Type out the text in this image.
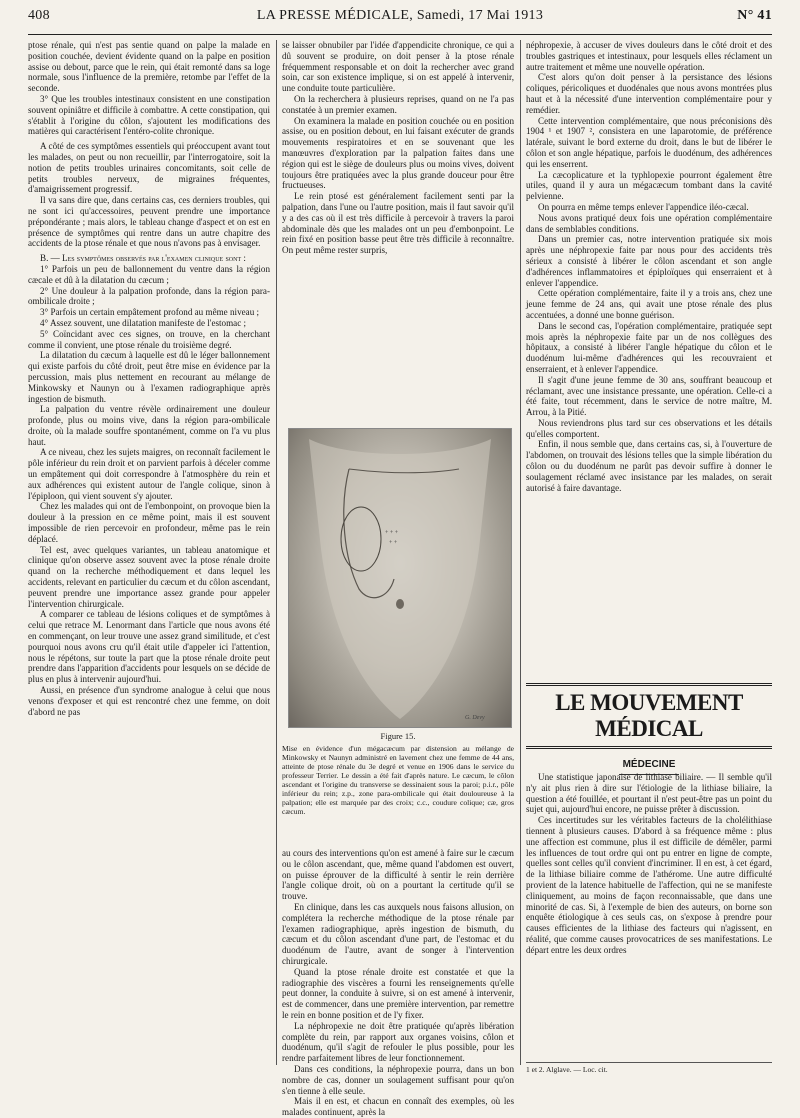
408	LA PRESSE MÉDICALE, Samedi, 17 Mai 1913	N° 41

ptose rénale, qui n'est pas sentie quand on palpe la malade en position couchée, devient évidente quand on la palpe en position assise ou debout, parce que le rein, qui était remonté dans sa loge normale, sous l'influence de la première, retombe par l'effet de la seconde.

3° Que les troubles intestinaux consistent en une constipation souvent opiniâtre et difficile à combattre. A cette constipation, qui s'établit à l'origine du côlon, s'ajoutent les modifications des matières qui caractérisent l'entéro-colite chronique.

A côté de ces symptômes essentiels qui préoccupent avant tout les malades, on peut ou non recueillir, par l'interrogatoire, soit la notion de petits troubles urinaires concomitants, soit celle de petits troubles nerveux, de migraines fréquentes, d'amaigrissement progressif.

Il va sans dire que, dans certains cas, ces derniers troubles, qui ne sont ici qu'accessoires, peuvent prendre une importance prépondérante ; mais alors, le tableau change d'aspect et on est en présence de symptômes qui rentre dans un autre chapitre des accidents de la ptose rénale et que nous n'avons pas à envisager.

B. — Les symptômes observés par l'examen clinique sont :

1° Parfois un peu de ballonnement du ventre dans la région cæcale et dû à la dilatation du cæcum ;

2° Une douleur à la palpation profonde, dans la région para-ombilicale droite ;

3° Parfois un certain empâtement profond au même niveau ;

4° Assez souvent, une dilatation manifeste de l'estomac ;

5° Coïncidant avec ces signes, on trouve, en la cherchant comme il convient, une ptose rénale du troisième degré.

La dilatation du cæcum à laquelle est dû le léger ballonnement qui existe parfois du côté droit, peut être mise en évidence par la percussion, mais plus nettement en recourant au mélange de Minkowsky et Naunyn ou à l'examen radiographique après ingestion de bismuth.

La palpation du ventre révèle ordinairement une douleur profonde, plus ou moins vive, dans la région para-ombilicale droite, où la malade souffre spontanément, comme on l'a vu plus haut.

A ce niveau, chez les sujets maigres, on reconnaît facilement le pôle inférieur du rein droit et on parvient parfois à déceler comme un empâtement qui doit correspondre à l'atmosphère du rein et aux adhérences qui existent autour de l'angle colique, sinon à l'épiploon, qui vient souvent s'y ajouter.

Chez les malades qui ont de l'embonpoint, on provoque bien la douleur à la pression en ce même point, mais il est souvent impossible de rien percevoir en profondeur, même pas le rein déplacé.

Tel est, avec quelques variantes, un tableau anatomique et clinique qu'on observe assez souvent avec la ptose rénale droite quand on la recherche méthodiquement et dans lequel les accidents, relevant en particulier du cæcum et du côlon ascendant, peuvent prendre une importance assez grande pour appeler l'intervention chirurgicale.

A comparer ce tableau de lésions coliques et de symptômes à celui que retrace M. Lenormant dans l'article que nous avons été en commençant, on leur trouve une assez grand similitude, et c'est pourquoi nous avons cru qu'il était utile d'appeler ici l'attention, nous le répétons, sur toute la part que la ptose rénale droite peut prendre dans l'apparition d'accidents pour lesquels on se décide de plus en plus à intervenir aujourd'hui.

Aussi, en présence d'un syndrome analogue à celui que nous venons d'exposer et qui est rencontré chez une femme, on doit d'abord ne pas

se laisser obnubiler par l'idée d'appendicite chronique, ce qui a dû souvent se produire, on doit penser à la ptose rénale fréquemment responsable et on doit la rechercher avec grand soin, car son existence implique, si on est appelé à intervenir, une conduite toute particulière.

On la recherchera à plusieurs reprises, quand on ne l'a pas constatée à un premier examen.

On examinera la malade en position couchée ou en position assise, ou en position debout, en lui faisant exécuter de grands mouvements respiratoires et en se souvenant que les manœuvres d'exploration par la palpation faites dans une région qui est le siège de douleurs plus ou moins vives, doivent toujours être pratiquées avec la plus grande douceur pour être fructueuses.

Le rein ptosé est généralement facilement senti par la palpation, dans l'une ou l'autre position, mais il faut savoir qu'il y a des cas où il est très difficile à percevoir à travers la paroi abdominale dès que les malades ont un peu d'embonpoint. Le rein fixé en position basse peut être très difficile à reconnaître. On peut même rester surpris,

+ + +
+ +
G. Devy
Figure 15.
Mise en évidence d'un mégacæcum par distension au mélange de Minkowsky et Naunyn administré en lavement chez une femme de 44 ans, atteinte de ptose rénale du 3e degré et venue en 1906 dans le service du professeur Terrier. Le dessin a été fait d'après nature. Le cæcum, le côlon ascendant et l'origine du transverse se dessinaient sous la paroi; p.i.r., pôle inférieur du rein; z.p., zone para-ombilicale qui était douloureuse à la palpation; elle est marquée par des croix; c.c., coudure colique; cæ, gros cæcum.

au cours des interventions qu'on est amené à faire sur le cæcum ou le côlon ascendant, que, même quand l'abdomen est ouvert, on puisse éprouver de la difficulté à sentir le rein derrière l'angle colique droit, où on a pourtant la certitude qu'il se trouve.

En clinique, dans les cas auxquels nous faisons allusion, on complétera la recherche méthodique de la ptose rénale par l'examen radiographique, après ingestion de bismuth, du cæcum et du côlon ascendant d'une part, de l'estomac et du duodénum de l'autre, avant de songer à l'intervention chirurgicale.

Quand la ptose rénale droite est constatée et que la radiographie des viscères a fourni les renseignements qu'elle peut donner, la conduite à suivre, si on est amené à intervenir, est de commencer, dans une première intervention, par remettre le rein en bonne position et de l'y fixer.

La néphropexie ne doit être pratiquée qu'après libération complète du rein, par rapport aux organes voisins, côlon et duodénum, qu'il s'agit de refouler le plus possible, pour les rendre parfaitement libres de leur fonctionnement.

Dans ces conditions, la néphropexie pourra, dans un bon nombre de cas, donner un soulagement suffisant pour qu'on s'en tienne à elle seule.

Mais il en est, et chacun en connaît des exemples, où les malades continuent, après la

néphropexie, à accuser de vives douleurs dans le côté droit et des troubles gastriques et intestinaux, pour lesquels elles réclament un autre traitement et même une nouvelle opération.

C'est alors qu'on doit penser à la persistance des lésions coliques, péricoliques et duodénales que nous avons montrées plus haut et à la nécessité d'une intervention complémentaire pour y remédier.

Cette intervention complémentaire, que nous préconisions dès 1904 ¹ et 1907 ², consistera en une laparotomie, de préférence latérale, suivant le bord externe du droit, dans le but de libérer le côlon et son angle hépatique, parfois le duodénum, des adhérences qui les enserrent.

La cæcoplicature et la typhlopexie pourront également être utiles, quand il y aura un mégacæcum tombant dans la cavité pelvienne.

On pourra en même temps enlever l'appendice iléo-cæcal.

Nous avons pratiqué deux fois une opération complémentaire dans de semblables conditions.

Dans un premier cas, notre intervention pratiquée six mois après une néphropexie faite par nous pour des accidents très sérieux a consisté à libérer le côlon ascendant et son angle d'adhérences inflammatoires et épiploïques qui enserraient et à enlever l'appendice.

Cette opération complémentaire, faite il y a trois ans, chez une jeune femme de 24 ans, qui avait une ptose rénale des plus accentuées, a donné une bonne guérison.

Dans le second cas, l'opération complémentaire, pratiquée sept mois après la néphropexie faite par un de nos collègues des hôpitaux, a consisté à libérer l'angle hépatique du côlon et le duodénum lui-même d'adhérences qui les recouvraient et enserraient, et à enlever l'appendice.

Il s'agit d'une jeune femme de 30 ans, souffrant beaucoup et réclamant, avec une insistance pressante, une opération. Celle-ci a été faite, tout récemment, dans le service de notre maître, M. Arrou, à la Pitié.

Nous reviendrons plus tard sur ces observations et les détails qu'elles comportent.

Enfin, il nous semble que, dans certains cas, si, à l'ouverture de l'abdomen, on trouvait des lésions telles que la simple libération du côlon ou du duodénum ne parût pas devoir suffire à donner le soulagement réclamé avec insistance par les malades, on serait autorisé à faire davantage.

LE MOUVEMENT MÉDICAL
MÉDECINE

Une statistique japonaise de lithiase biliaire. — Il semble qu'il n'y ait plus rien à dire sur l'étiologie de la lithiase biliaire, la question a été fouillée, et pourtant il n'est peut-être pas un point du sujet qui, aujourd'hui encore, ne puisse prêter à discussion.

Ces incertitudes sur les véritables facteurs de la cholélithiase tiennent à plusieurs causes. D'abord à sa fréquence même : plus une affection est commune, plus il est difficile de démêler, parmi les influences de tout ordre qui ont pu entrer en ligne de compte, quelles sont celles qu'il convient d'incriminer. Il en est, à cet égard, de la lithiase biliaire comme de l'athérome. Une autre difficulté provient de la latence habituelle de l'affection, qui ne se manifeste cliniquement, au moins de façon reconnaissable, que dans une minorité de cas. Si, à l'exemple de bien des auteurs, on borne son enquête étiologique à ces seuls cas, on s'expose à prendre pour causes efficientes de la lithiase des facteurs qui n'agissent, en réalité, que comme causes provocatrices de ses manifestations. Le départ entre les deux ordres

1 et 2. Alglave. — Loc. cit.
